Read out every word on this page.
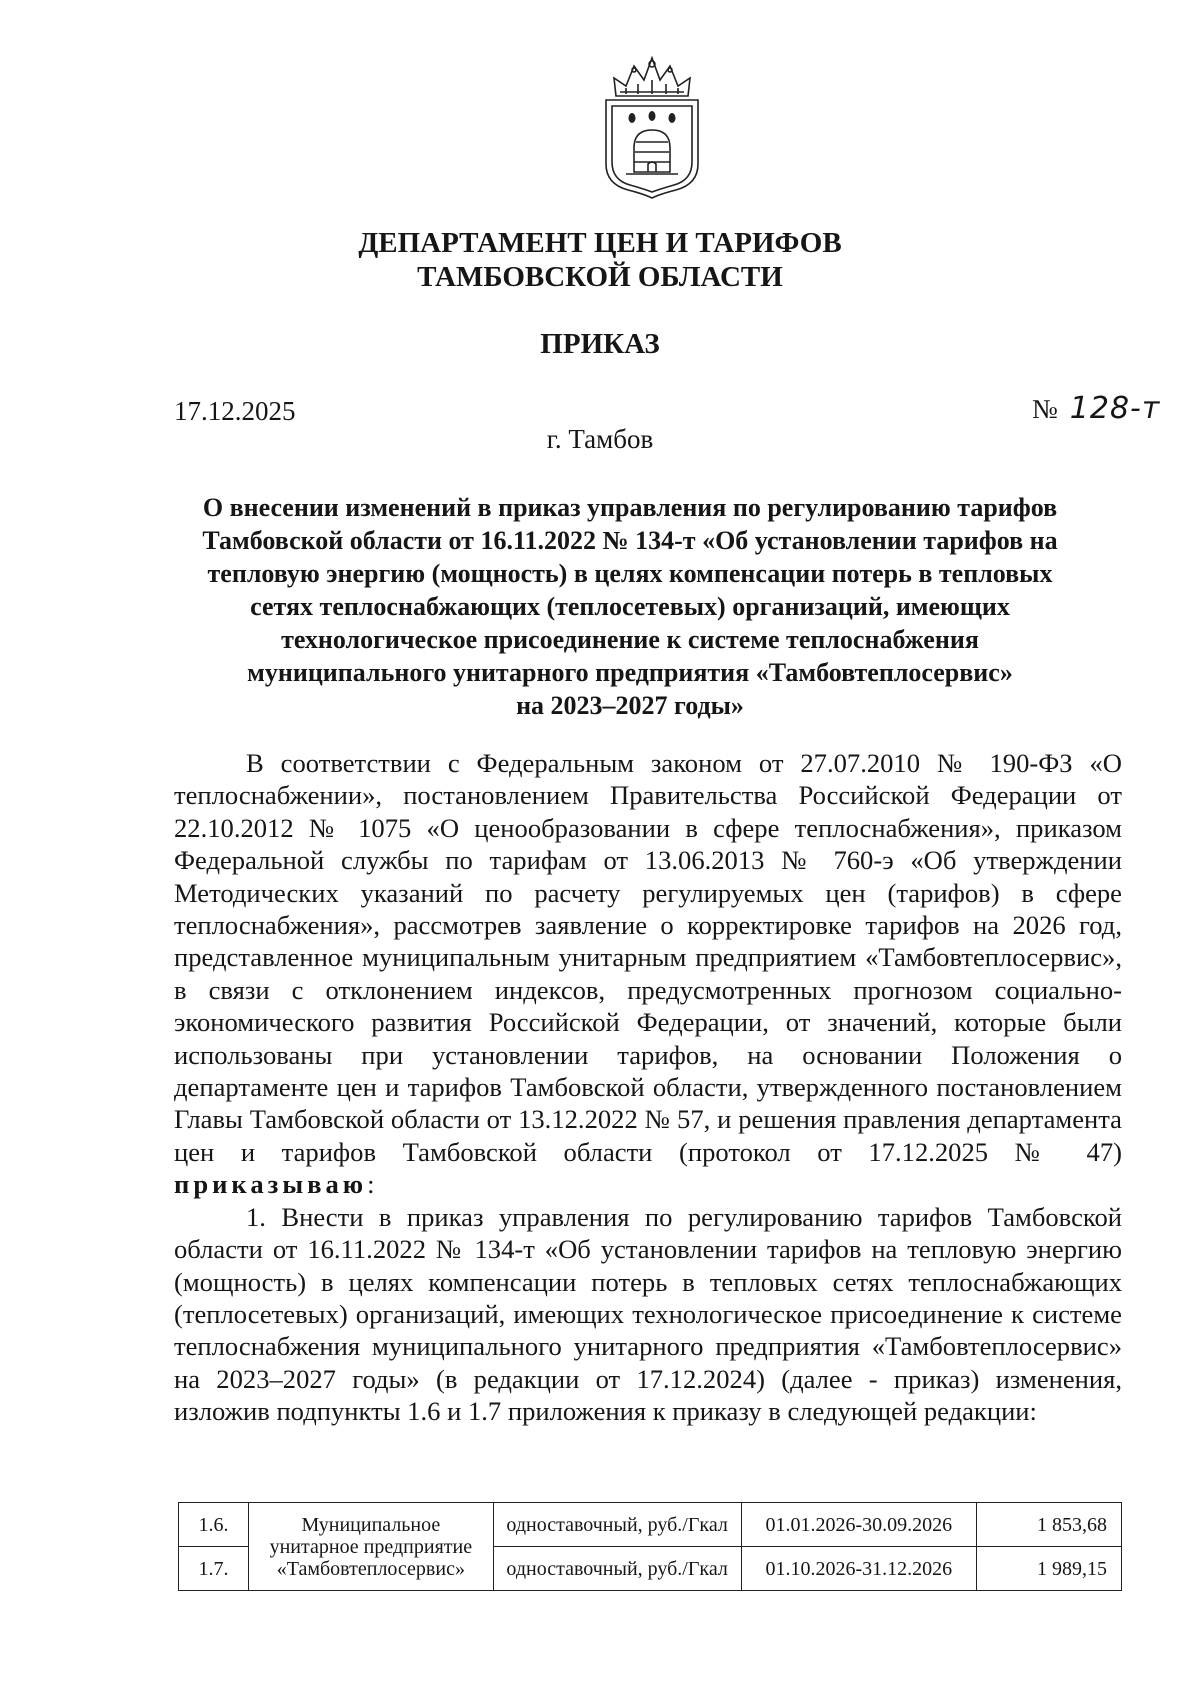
ДЕПАРТАМЕНТ ЦЕН И ТАРИФОВ
ТАМБОВСКОЙ ОБЛАСТИ
ПРИКАЗ
17.12.2025	№ 128-т
г. Тамбов
О внесении изменений в приказ управления по регулированию тарифов
Тамбовской области от 16.11.2022 № 134-т «Об установлении тарифов на
тепловую энергию (мощность) в целях компенсации потерь в тепловых
сетях теплоснабжающих (теплосетевых) организаций, имеющих
технологическое присоединение к системе теплоснабжения
муниципального унитарного предприятия «Тамбовтеплосервис»
на 2023–2027 годы»

В соответствии с Федеральным законом от 27.07.2010 № 190-ФЗ «О теплоснабжении», постановлением Правительства Российской Федерации от 22.10.2012 № 1075 «О ценообразовании в сфере теплоснабжения», приказом Федеральной службы по тарифам от 13.06.2013 № 760-э «Об утверждении Методических указаний по расчету регулируемых цен (тарифов) в сфере теплоснабжения», рассмотрев заявление о корректировке тарифов на 2026 год, представленное муниципальным унитарным предприятием «Тамбовтеплосервис», в связи с отклонением индексов, предусмотренных прогнозом социально-экономического развития Российской Федерации, от значений, которые были использованы при установлении тарифов, на основании Положения о департаменте цен и тарифов Тамбовской области, утвержденного постановлением Главы Тамбовской области от 13.12.2022 № 57, и решения правления департамента цен и тарифов Тамбовской области (протокол от 17.12.2025 № 47) приказываю:

1. Внести в приказ управления по регулированию тарифов Тамбовской области от 16.11.2022 № 134-т «Об установлении тарифов на тепловую энергию (мощность) в целях компенсации потерь в тепловых сетях теплоснабжающих (теплосетевых) организаций, имеющих технологическое присоединение к системе теплоснабжения муниципального унитарного предприятия «Тамбовтеплосервис» на 2023–2027 годы» (в редакции от 17.12.2024) (далее - приказ) изменения, изложив подпункты 1.6 и 1.7 приложения к приказу в следующей редакции:

1.6.	Муниципальное
унитарное предприятие
«Тамбовтеплосервис»	одноставочный, руб./Гкал	01.01.2026-30.09.2026	1 853,68
1.7.		одноставочный, руб./Гкал	01.10.2026-31.12.2026	1 989,15
